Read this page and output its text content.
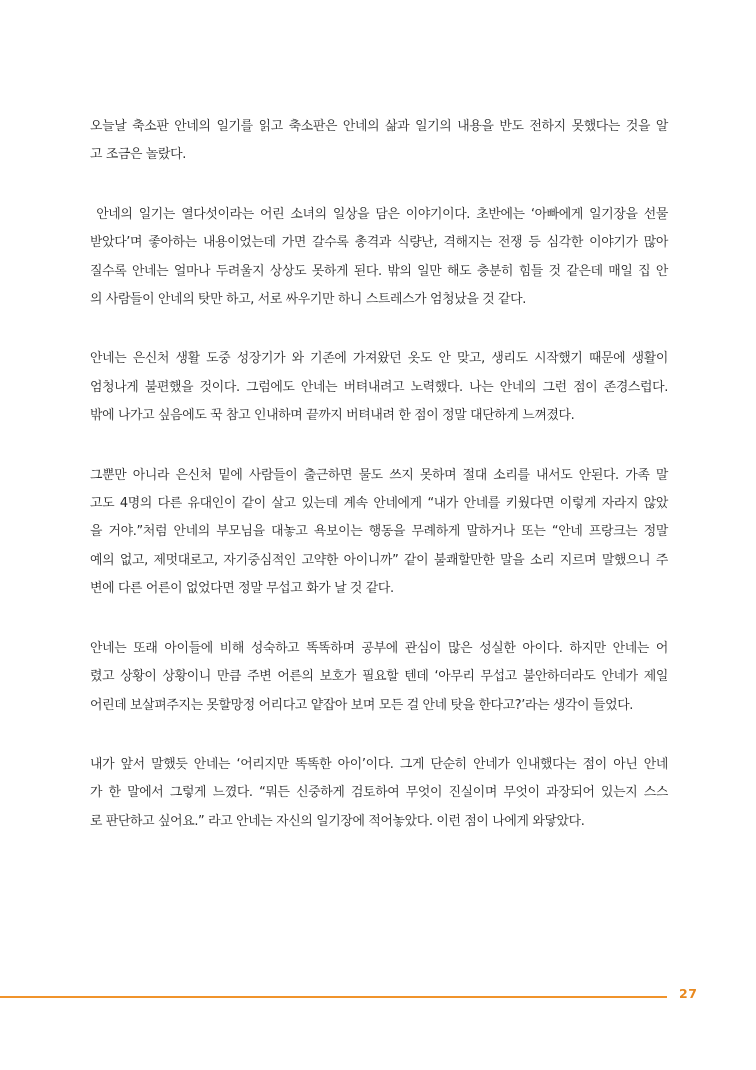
오늘날 축소판 안네의 일기를 읽고 축소판은 안네의 삶과 일기의 내용을 반도 전하지 못했다는 것을 알
고 조금은 놀랐다.

안네의 일기는 열다섯이라는 어린 소녀의 일상을 담은 이야기이다. 초반에는 ‘아빠에게 일기장을 선물
받았다’며 좋아하는 내용이었는데 가면 갈수록 총격과 식량난, 격해지는 전쟁 등 심각한 이야기가 많아
질수록 안네는 얼마나 두려울지 상상도 못하게 된다. 밖의 일만 해도 충분히 힘들 것 같은데 매일 집 안
의 사람들이 안네의 탓만 하고, 서로 싸우기만 하니 스트레스가 엄청났을 것 같다.

안네는 은신처 생활 도중 성장기가 와 기존에 가져왔던 옷도 안 맞고, 생리도 시작했기 때문에 생활이
엄청나게 불편했을 것이다. 그럼에도 안네는 버텨내려고 노력했다. 나는 안네의 그런 점이 존경스럽다.
밖에 나가고 싶음에도 꾹 참고 인내하며 끝까지 버텨내려 한 점이 정말 대단하게 느껴졌다.

그뿐만 아니라 은신처 밑에 사람들이 출근하면 물도 쓰지 못하며 절대 소리를 내서도 안된다. 가족 말
고도 4명의 다른 유대인이 같이 살고 있는데 계속 안네에게 “내가 안네를 키웠다면 이렇게 자라지 않았
을 거야.”처럼 안네의 부모님을 대놓고 욕보이는 행동을 무례하게 말하거나 또는 “안네 프랑크는 정말
예의 없고, 제멋대로고, 자기중심적인 고약한 아이니까” 같이 불쾌할만한 말을 소리 지르며 말했으니 주
변에 다른 어른이 없었다면 정말 무섭고 화가 날 것 같다.

안네는 또래 아이들에 비해 성숙하고 똑똑하며 공부에 관심이 많은 성실한 아이다. 하지만 안네는 어
렸고 상황이 상황이니 만큼 주변 어른의 보호가 필요할 텐데 ‘아무리 무섭고 불안하더라도 안네가 제일
어린데 보살펴주지는 못할망정 어리다고 얕잡아 보며 모든 걸 안네 탓을 한다고?’라는 생각이 들었다.

내가 앞서 말했듯 안네는 ‘어리지만 똑똑한 아이’이다. 그게 단순히 안네가 인내했다는 점이 아닌 안네
가 한 말에서 그렇게 느꼈다. “뭐든 신중하게 검토하여 무엇이 진실이며 무엇이 과장되어 있는지 스스
로 판단하고 싶어요.” 라고 안네는 자신의 일기장에 적어놓았다. 이런 점이 나에게 와닿았다.

27
